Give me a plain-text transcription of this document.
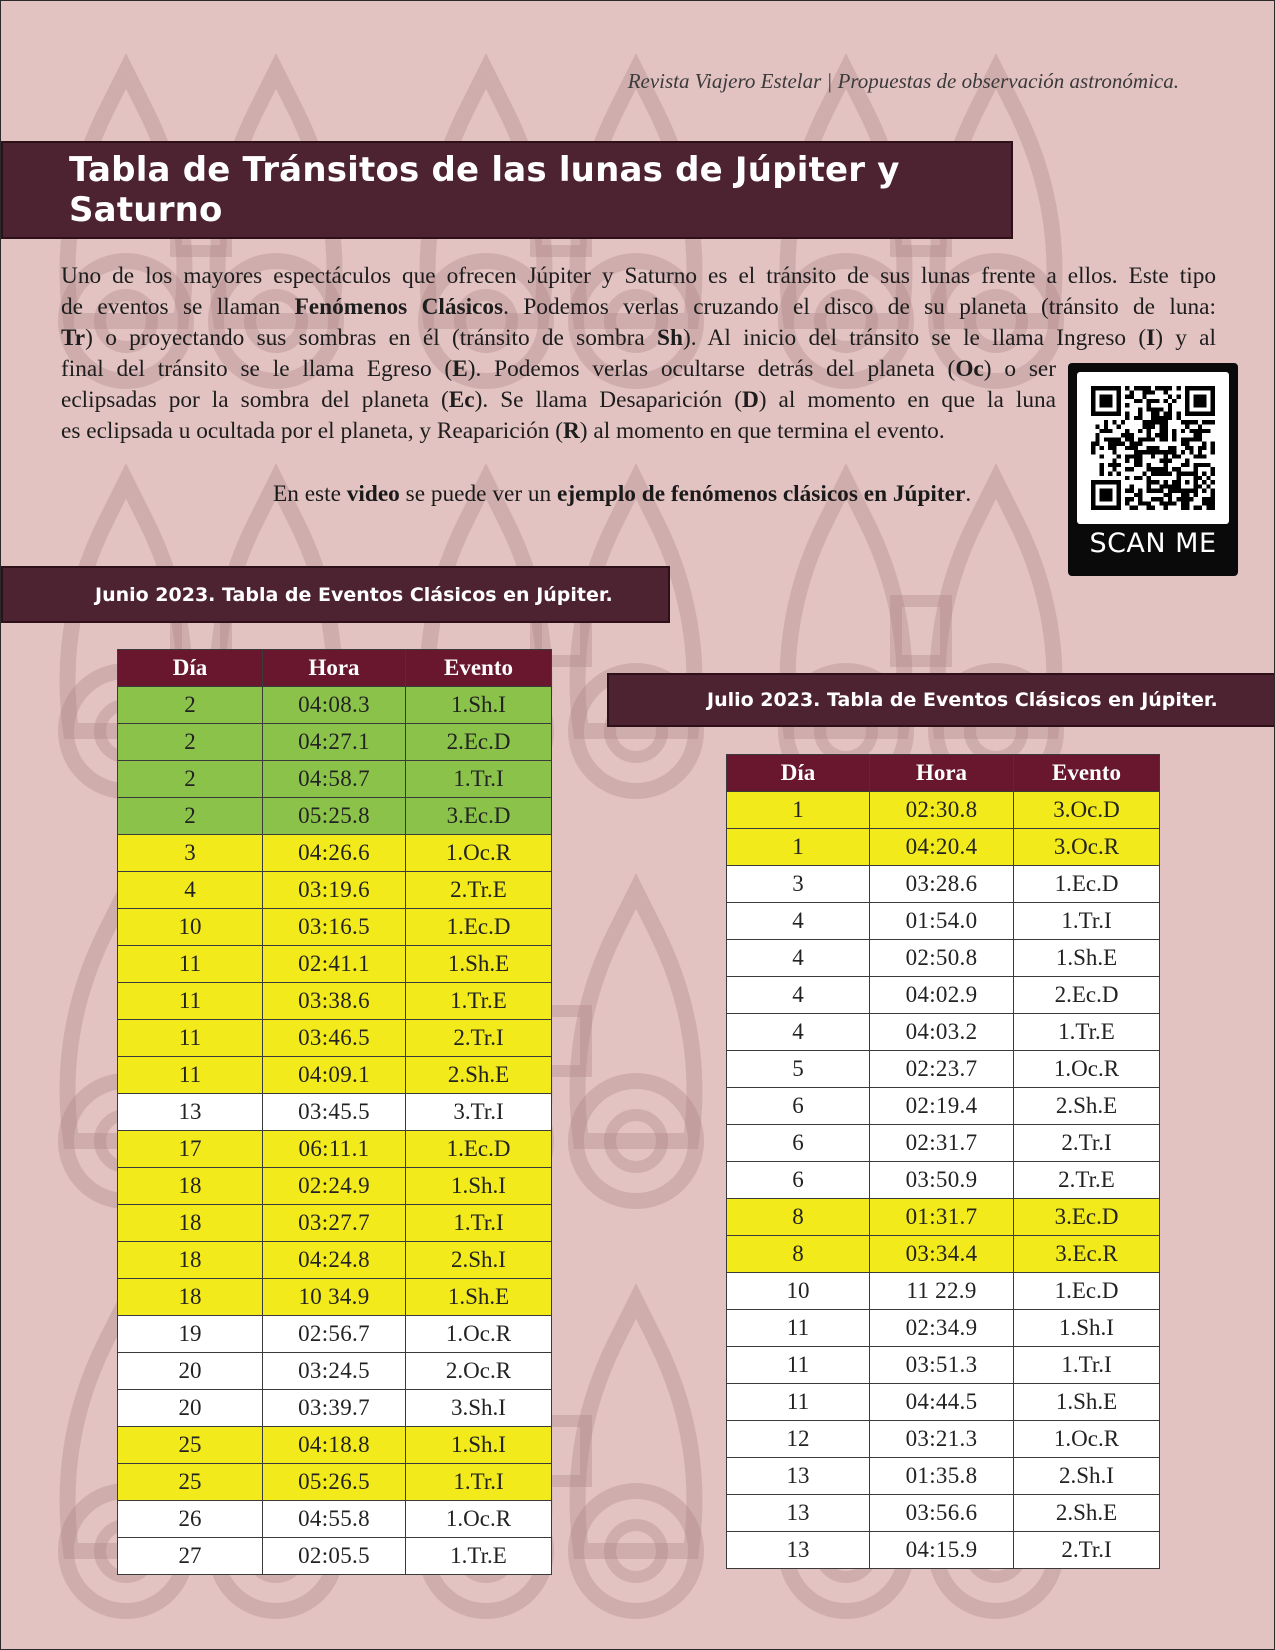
Revista Viajero Estelar | Propuestas de observación astronómica.
Tabla de Tránsitos de las lunas de Júpiter y Saturno
Uno de los mayores espectáculos que ofrecen Júpiter y Saturno es el tránsito de sus lunas frente a ellos. Este tipo
de eventos se llaman Fenómenos Clásicos. Podemos verlas cruzando el disco de su planeta (tránsito de luna:
Tr) o proyectando sus sombras en él (tránsito de sombra Sh). Al inicio del tránsito se le llama Ingreso (I) y al
final del tránsito se le llama Egreso (E). Podemos verlas ocultarse detrás del planeta (Oc) o ser
eclipsadas por la sombra del planeta (Ec). Se llama Desaparición (D) al momento en que la luna
es eclipsada u ocultada por el planeta, y Reaparición (R) al momento en que termina el evento.
En este video se puede ver un ejemplo de fenómenos clásicos en Júpiter.
SCAN ME
Junio 2023. Tabla de Eventos Clásicos en Júpiter.
Día	Hora	Evento
2	04:08.3	1.Sh.I
2	04:27.1	2.Ec.D
2	04:58.7	1.Tr.I
2	05:25.8	3.Ec.D
3	04:26.6	1.Oc.R
4	03:19.6	2.Tr.E
10	03:16.5	1.Ec.D
11	02:41.1	1.Sh.E
11	03:38.6	1.Tr.E
11	03:46.5	2.Tr.I
11	04:09.1	2.Sh.E
13	03:45.5	3.Tr.I
17	06:11.1	1.Ec.D
18	02:24.9	1.Sh.I
18	03:27.7	1.Tr.I
18	04:24.8	2.Sh.I
18	10 34.9	1.Sh.E
19	02:56.7	1.Oc.R
20	03:24.5	2.Oc.R
20	03:39.7	3.Sh.I
25	04:18.8	1.Sh.I
25	05:26.5	1.Tr.I
26	04:55.8	1.Oc.R
27	02:05.5	1.Tr.E
Julio 2023. Tabla de Eventos Clásicos en Júpiter.
Día	Hora	Evento
1	02:30.8	3.Oc.D
1	04:20.4	3.Oc.R
3	03:28.6	1.Ec.D
4	01:54.0	1.Tr.I
4	02:50.8	1.Sh.E
4	04:02.9	2.Ec.D
4	04:03.2	1.Tr.E
5	02:23.7	1.Oc.R
6	02:19.4	2.Sh.E
6	02:31.7	2.Tr.I
6	03:50.9	2.Tr.E
8	01:31.7	3.Ec.D
8	03:34.4	3.Ec.R
10	11 22.9	1.Ec.D
11	02:34.9	1.Sh.I
11	03:51.3	1.Tr.I
11	04:44.5	1.Sh.E
12	03:21.3	1.Oc.R
13	01:35.8	2.Sh.I
13	03:56.6	2.Sh.E
13	04:15.9	2.Tr.I
